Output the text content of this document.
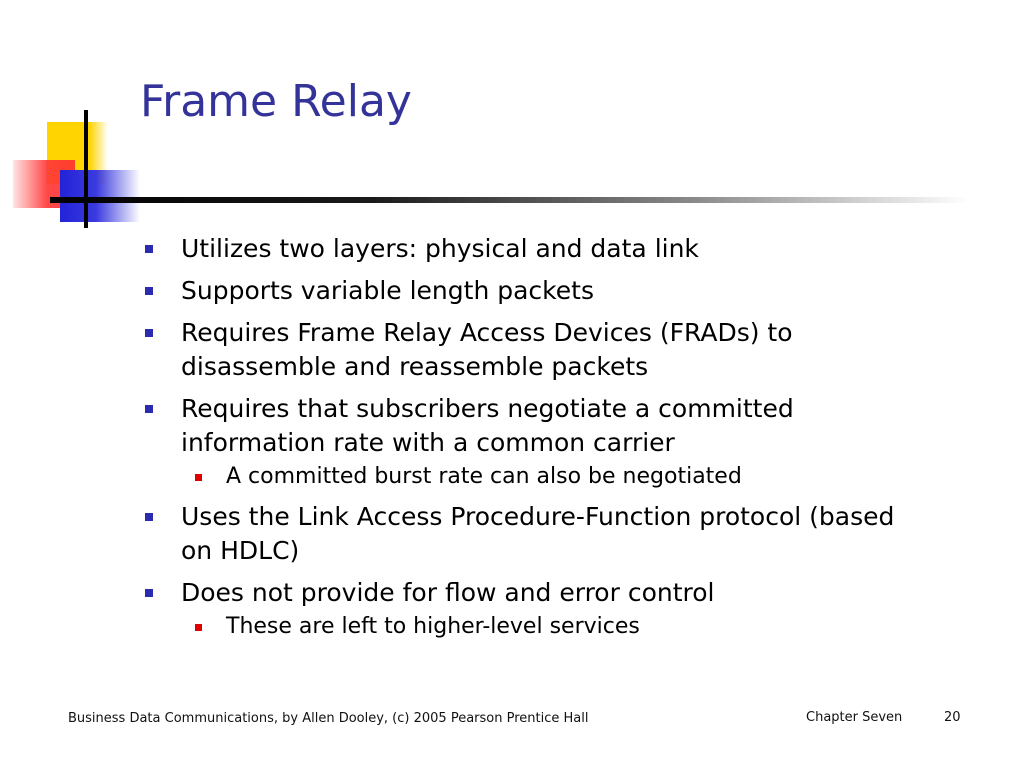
Frame Relay
Utilizes two layers: physical and data link
Supports variable length packets
Requires Frame Relay Access Devices (FRADs) to disassemble and reassemble packets
Requires that subscribers negotiate a committed information rate with a common carrier
A committed burst rate can also be negotiated
Uses the Link Access Procedure-Function protocol (based on HDLC)
Does not provide for flow and error control
These are left to higher-level services
Business Data Communications, by Allen Dooley, (c) 2005 Pearson Prentice Hall	Chapter Seven	20
